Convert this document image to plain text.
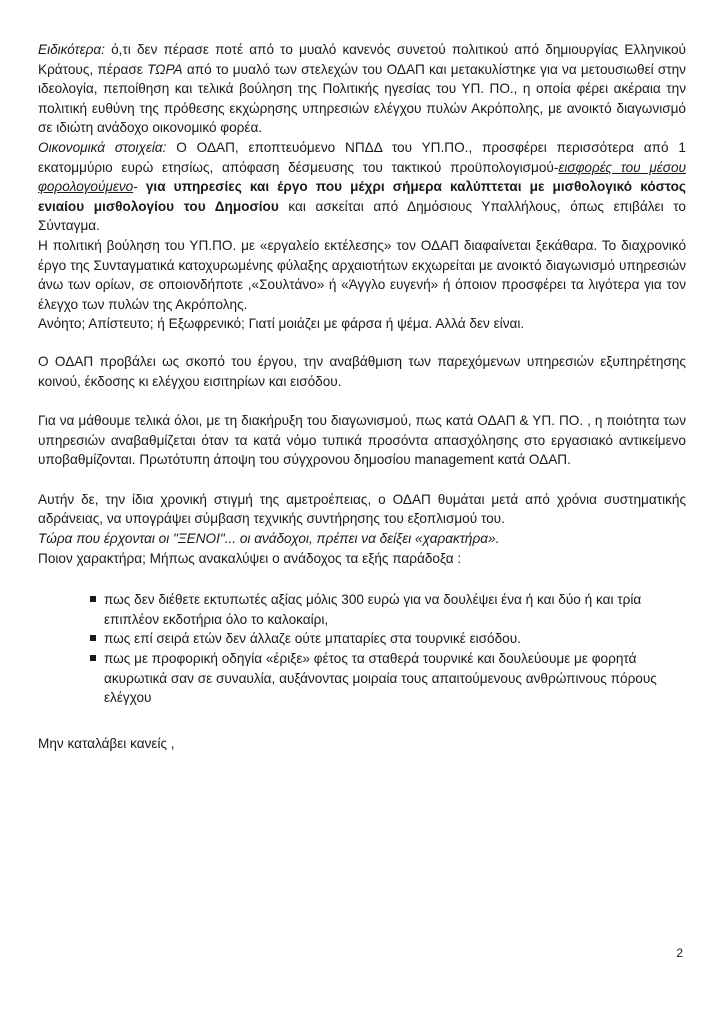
Ειδικότερα: ό,τι δεν πέρασε ποτέ από το μυαλό κανενός συνετού πολιτικού από δημιουργίας Ελληνικού Κράτους, πέρασε ΤΩΡΑ από το μυαλό των στελεχών του ΟΔΑΠ και μετακυλίστηκε για να μετουσιωθεί στην ιδεολογία, πεποίθηση και τελικά βούληση της Πολιτικής ηγεσίας του ΥΠ. ΠΟ., η οποία φέρει ακέραια την πολιτική ευθύνη της πρόθεσης εκχώρησης υπηρεσιών ελέγχου πυλών Ακρόπολης, με ανοικτό διαγωνισμό σε ιδιώτη ανάδοχο οικονομικό φορέα.

Οικονομικά στοιχεία: Ο ΟΔΑΠ, εποπτευόμενο ΝΠΔΔ του ΥΠ.ΠΟ., προσφέρει περισσότερα από 1 εκατομμύριο ευρώ ετησίως, απόφαση δέσμευσης του τακτικού προϋπολογισμού-εισφορές του μέσου φορολογούμενο- για υπηρεσίες και έργο που μέχρι σήμερα καλύπτεται με μισθολογικό κόστος ενιαίου μισθολογίου του Δημοσίου και ασκείται από Δημόσιους Υπαλλήλους, όπως επιβάλει το Σύνταγμα.

Η πολιτική βούληση του ΥΠ.ΠΟ. με «εργαλείο εκτέλεσης» τον ΟΔΑΠ διαφαίνεται ξεκάθαρα. Το διαχρονικό έργο της Συνταγματικά κατοχυρωμένης φύλαξης αρχαιοτήτων εκχωρείται με ανοικτό διαγωνισμό υπηρεσιών άνω των ορίων, σε οποιονδήποτε ,«Σουλτάνο» ή «Άγγλο ευγενή» ή όποιον προσφέρει τα λιγότερα για τον έλεγχο των πυλών της Ακρόπολης.

Ανόητο; Απίστευτο; ή Εξωφρενικό; Γιατί μοιάζει με φάρσα ή ψέμα. Αλλά δεν είναι.

Ο ΟΔΑΠ προβάλει ως σκοπό του έργου, την αναβάθμιση των παρεχόμενων υπηρεσιών εξυπηρέτησης κοινού, έκδοσης κι ελέγχου εισιτηρίων και εισόδου.

Για να μάθουμε τελικά όλοι, με τη διακήρυξη του διαγωνισμού, πως κατά ΟΔΑΠ & ΥΠ. ΠΟ. , η ποιότητα των υπηρεσιών αναβαθμίζεται όταν τα κατά νόμο τυπικά προσόντα απασχόλησης στο εργασιακό αντικείμενο υποβαθμίζονται. Πρωτότυπη άποψη του σύγχρονου δημοσίου management κατά ΟΔΑΠ.

Αυτήν δε, την ίδια χρονική στιγμή της αμετροέπειας, ο ΟΔΑΠ θυμάται μετά από χρόνια συστηματικής αδράνειας, να υπογράψει σύμβαση τεχνικής συντήρησης του εξοπλισμού του.

Τώρα που έρχονται οι "ΞΕΝΟΙ"... οι ανάδοχοι, πρέπει να δείξει «χαρακτήρα».

Ποιον χαρακτήρα; Μήπως ανακαλύψει ο ανάδοχος τα εξής παράδοξα :

πως δεν διέθετε εκτυπωτές αξίας μόλις 300 ευρώ για να δουλέψει ένα ή και δύο ή και τρία επιπλέον εκδοτήρια όλο το καλοκαίρι,
πως επί σειρά ετών δεν άλλαζε ούτε μπαταρίες στα τουρνικέ εισόδου.
πως με προφορική οδηγία «έριξε» φέτος τα σταθερά τουρνικέ και δουλεύουμε με φορητά ακυρωτικά σαν σε συναυλία, αυξάνοντας μοιραία τους απαιτούμενους ανθρώπινους πόρους ελέγχου

Μην καταλάβει κανείς ,

2
